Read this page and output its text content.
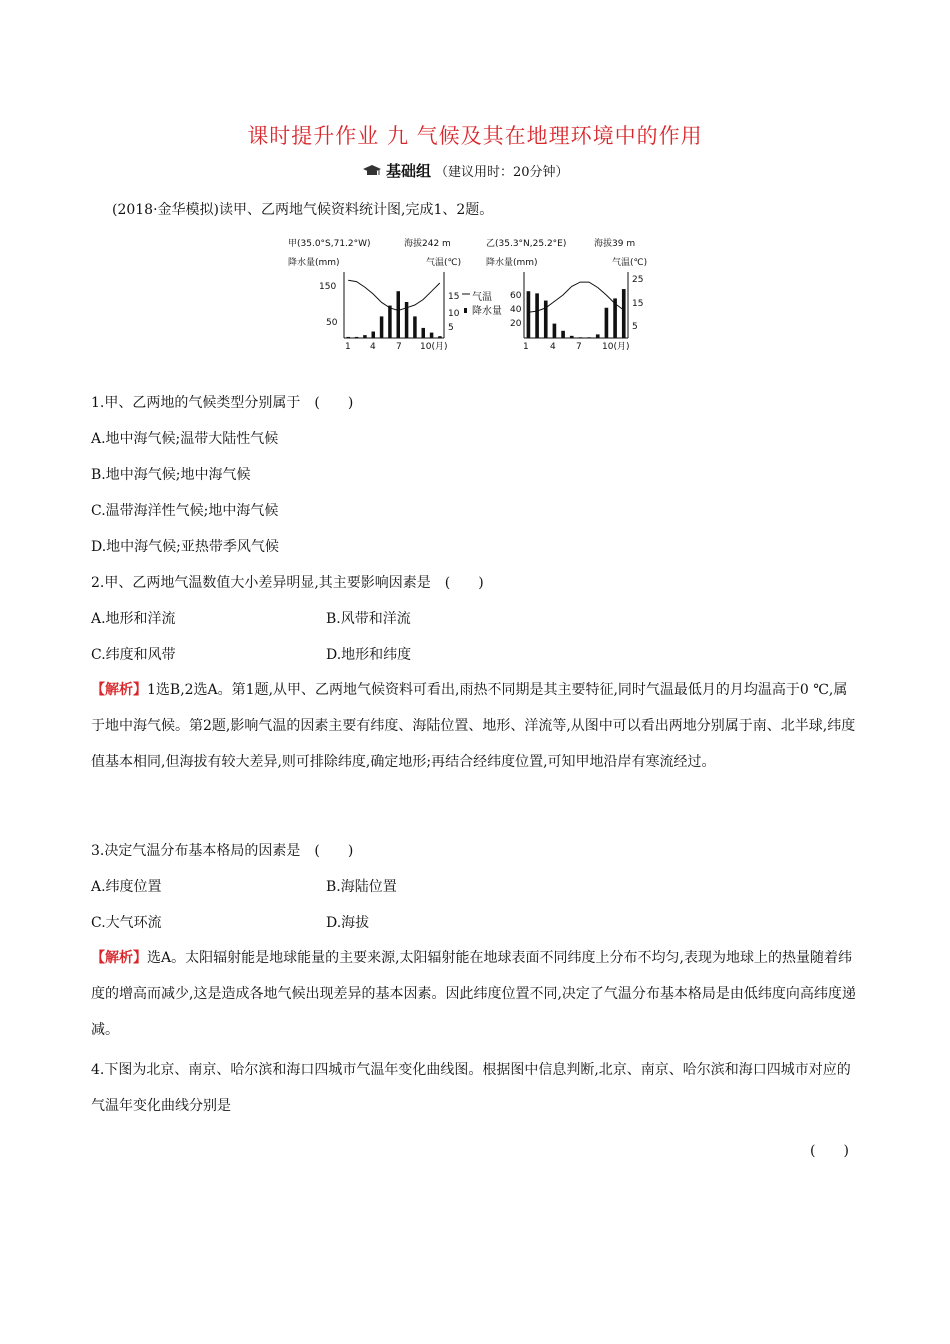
课时提升作业 九 气候及其在地理环境中的作用
基础组 （建议用时：20分钟）
(2018·金华模拟)读甲、乙两地气候资料统计图,完成1、2题。
甲(35.0°S,71.2°W)	海拔242 m
降水量(mm)	气温(℃)
150
50
15
10
5
1 4 7 10(月)
气温
降水量
乙(35.3°N,25.2°E)	海拔39 m
降水量(mm)	气温(℃)
60
40
20
25
15
5
1 4 7 10(月)
1.甲、乙两地的气候类型分别属于　(　　)
A.地中海气候;温带大陆性气候
B.地中海气候;地中海气候
C.温带海洋性气候;地中海气候
D.地中海气候;亚热带季风气候
2.甲、乙两地气温数值大小差异明显,其主要影响因素是　(　　)
A.地形和洋流	B.风带和洋流
C.纬度和风带	D.地形和纬度
【解析】1选B,2选A。第1题,从甲、乙两地气候资料可看出,雨热不同期是其主要特征,同时气温最低月的月均温高于0 ℃,属于地中海气候。第2题,影响气温的因素主要有纬度、海陆位置、地形、洋流等,从图中可以看出两地分别属于南、北半球,纬度值基本相同,但海拔有较大差异,则可排除纬度,确定地形;再结合经纬度位置,可知甲地沿岸有寒流经过。
3.决定气温分布基本格局的因素是　(　　)
A.纬度位置	B.海陆位置
C.大气环流	D.海拔
【解析】选A。太阳辐射能是地球能量的主要来源,太阳辐射能在地球表面不同纬度上分布不均匀,表现为地球上的热量随着纬度的增高而减少,这是造成各地气候出现差异的基本因素。因此纬度位置不同,决定了气温分布基本格局是由低纬度向高纬度递减。
4.下图为北京、南京、哈尔滨和海口四城市气温年变化曲线图。根据图中信息判断,北京、南京、哈尔滨和海口四城市对应的气温年变化曲线分别是
(　　)
